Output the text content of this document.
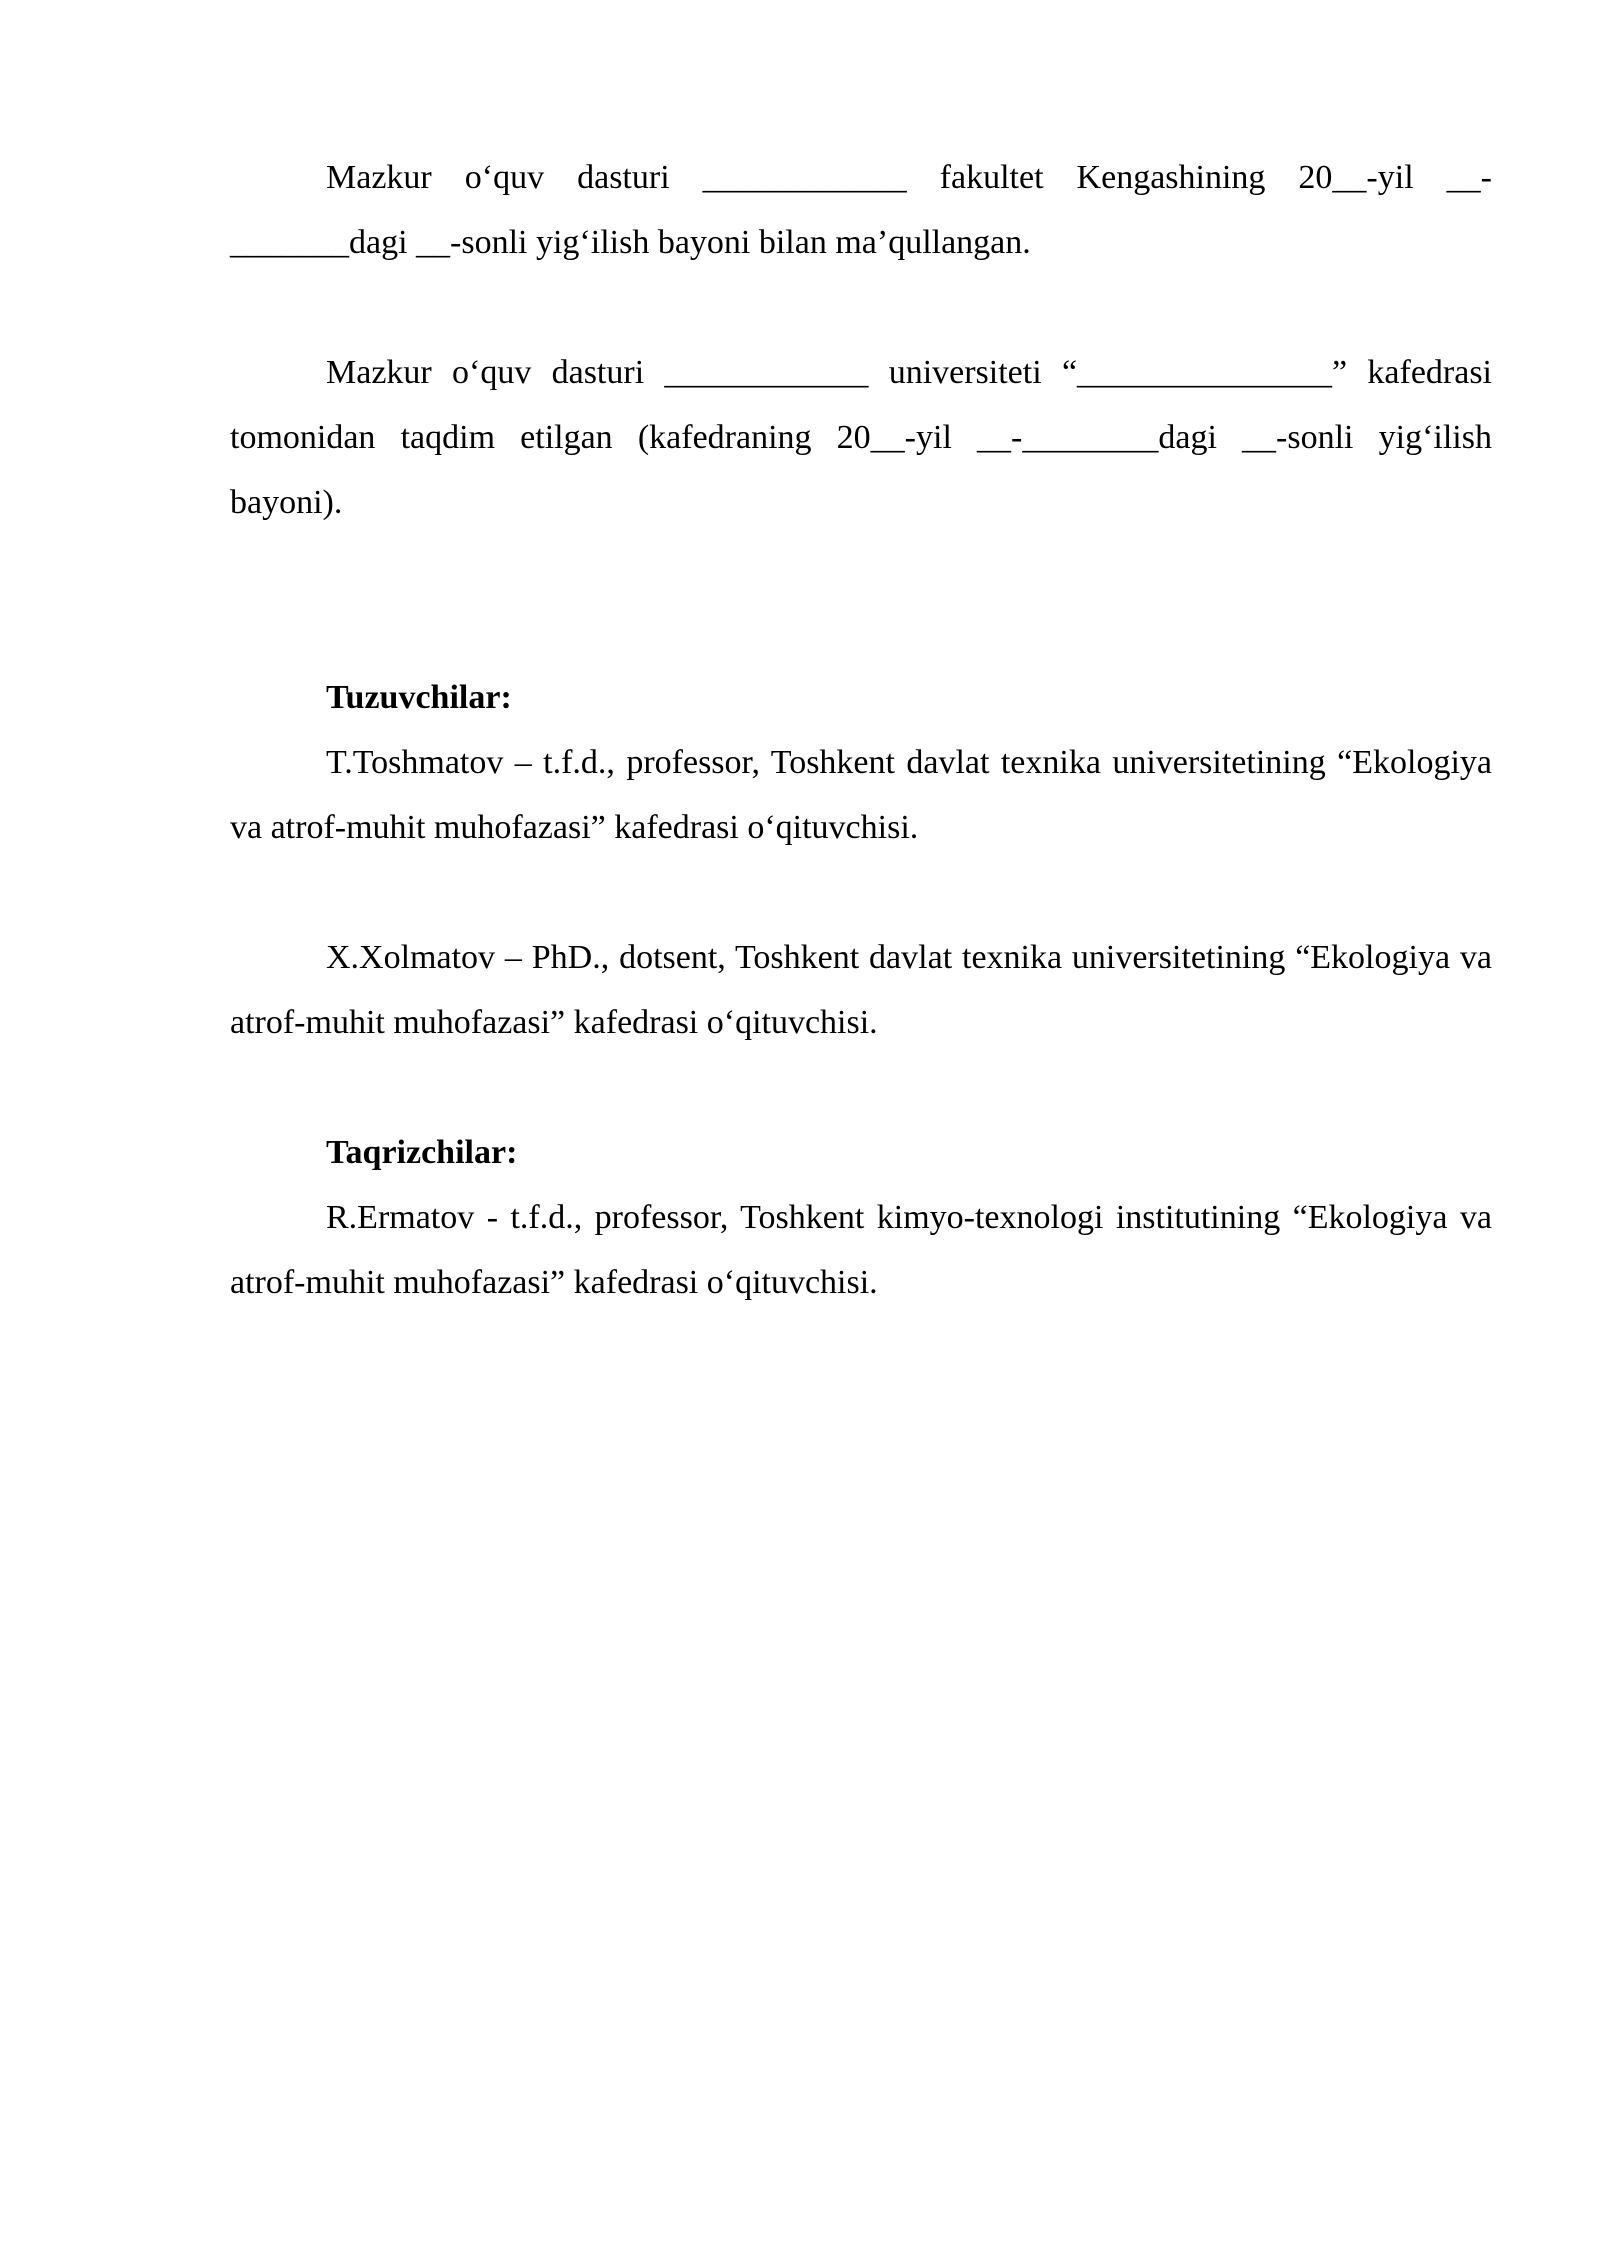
Mazkur o‘quv dasturi ____________ fakultet Kengashining 20__-yil __-_______dagi __-sonli yig‘ilish bayoni bilan ma’qullangan.

Mazkur o‘quv dasturi ____________ universiteti “_______________” kafedrasi tomonidan taqdim etilgan (kafedraning 20__-yil __-________dagi __-sonli yig‘ilish bayoni).

Tuzuvchilar:

T.Toshmatov – t.f.d., professor, Toshkent davlat texnika universitetining “Ekologiya va atrof-muhit muhofazasi” kafedrasi o‘qituvchisi.

X.Xolmatov – PhD., dotsent, Toshkent davlat texnika universitetining “Ekologiya va atrof-muhit muhofazasi” kafedrasi o‘qituvchisi.

Taqrizchilar:

R.Ermatov - t.f.d., professor, Toshkent kimyo-texnologi institutining “Ekologiya va atrof-muhit muhofazasi” kafedrasi o‘qituvchisi.
